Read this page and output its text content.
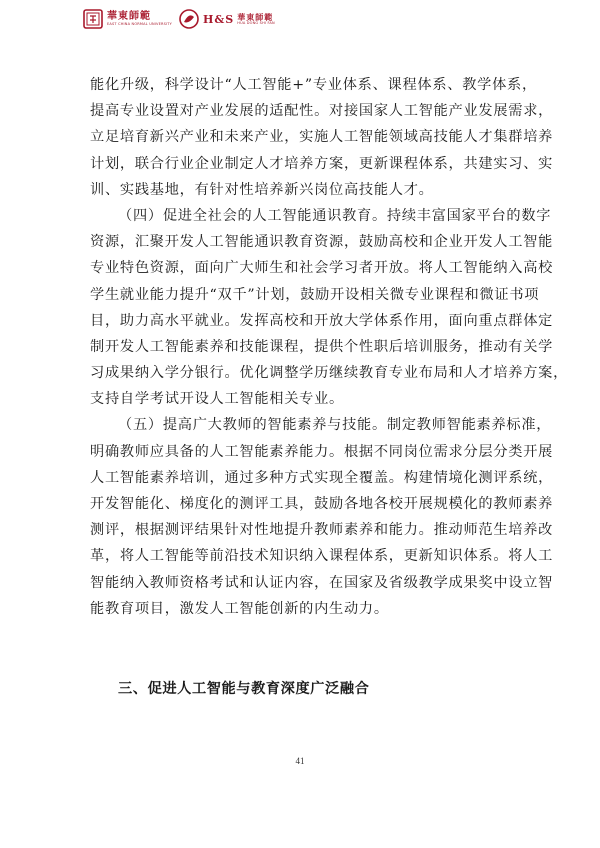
華東師範
EAST CHINA NORMAL UNIVERSITY	H&S 華東師範
HUA DONG SHI FAN
能化升级，科学设计“人工智能+”专业体系、课程体系、教学体系，
提高专业设置对产业发展的适配性。对接国家人工智能产业发展需求，
立足培育新兴产业和未来产业，实施人工智能领域高技能人才集群培养
计划，联合行业企业制定人才培养方案，更新课程体系，共建实习、实
训、实践基地，有针对性培养新兴岗位高技能人才。
（四）促进全社会的人工智能通识教育。持续丰富国家平台的数字
资源，汇聚开发人工智能通识教育资源，鼓励高校和企业开发人工智能
专业特色资源，面向广大师生和社会学习者开放。将人工智能纳入高校
学生就业能力提升“双千”计划，鼓励开设相关微专业课程和微证书项
目，助力高水平就业。发挥高校和开放大学体系作用，面向重点群体定
制开发人工智能素养和技能课程，提供个性职后培训服务，推动有关学
习成果纳入学分银行。优化调整学历继续教育专业布局和人才培养方案，
支持自学考试开设人工智能相关专业。
（五）提高广大教师的智能素养与技能。制定教师智能素养标准，
明确教师应具备的人工智能素养能力。根据不同岗位需求分层分类开展
人工智能素养培训，通过多种方式实现全覆盖。构建情境化测评系统，
开发智能化、梯度化的测评工具，鼓励各地各校开展规模化的教师素养
测评，根据测评结果针对性地提升教师素养和能力。推动师范生培养改
革，将人工智能等前沿技术知识纳入课程体系，更新知识体系。将人工
智能纳入教师资格考试和认证内容，在国家及省级教学成果奖中设立智
能教育项目，激发人工智能创新的内生动力。
三、促进人工智能与教育深度广泛融合
41
